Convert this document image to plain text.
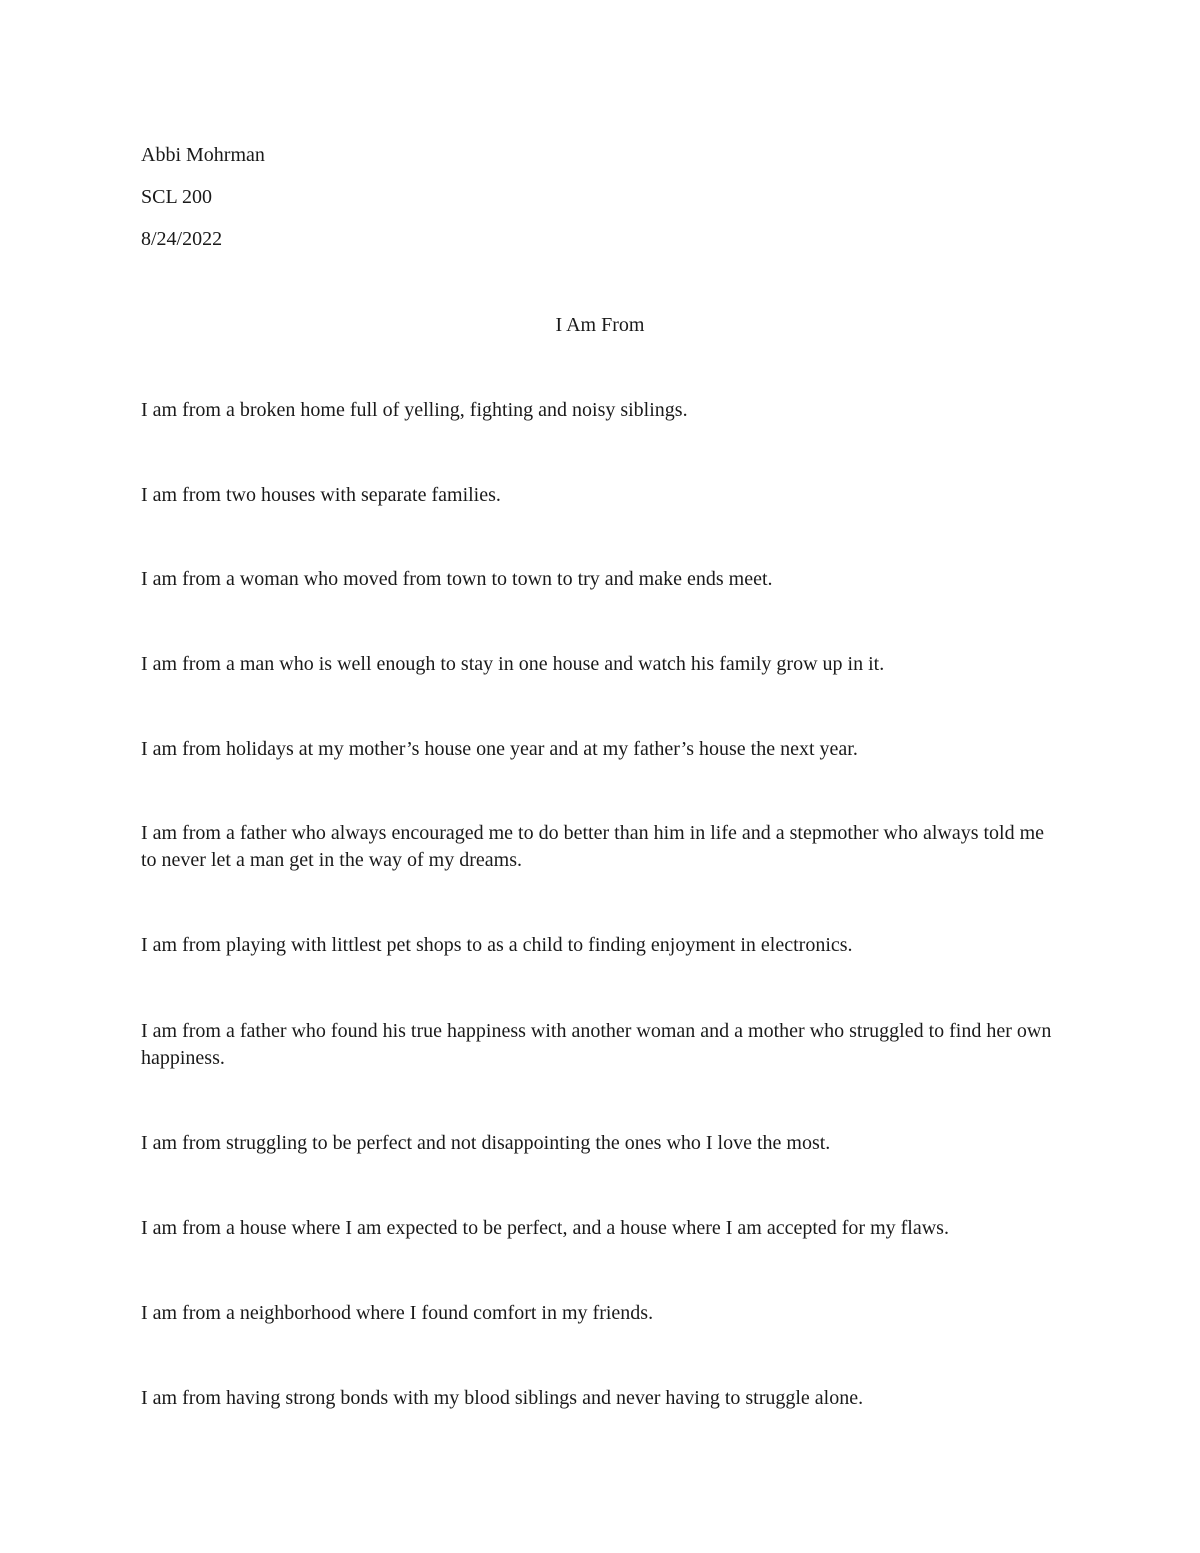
Abbi Mohrman
SCL 200
8/24/2022
I Am From
I am from a broken home full of yelling, fighting and noisy siblings.
I am from two houses with separate families.
I am from a woman who moved from town to town to try and make ends meet.
I am from a man who is well enough to stay in one house and watch his family grow up in it.
I am from holidays at my mother’s house one year and at my father’s house the next year.
I am from a father who always encouraged me to do better than him in life and a stepmother who always told me to never let a man get in the way of my dreams.
I am from playing with littlest pet shops to as a child to finding enjoyment in electronics.
I am from a father who found his true happiness with another woman and a mother who struggled to find her own happiness.
I am from struggling to be perfect and not disappointing the ones who I love the most.
I am from a house where I am expected to be perfect, and a house where I am accepted for my flaws.
I am from a neighborhood where I found comfort in my friends.
I am from having strong bonds with my blood siblings and never having to struggle alone.
